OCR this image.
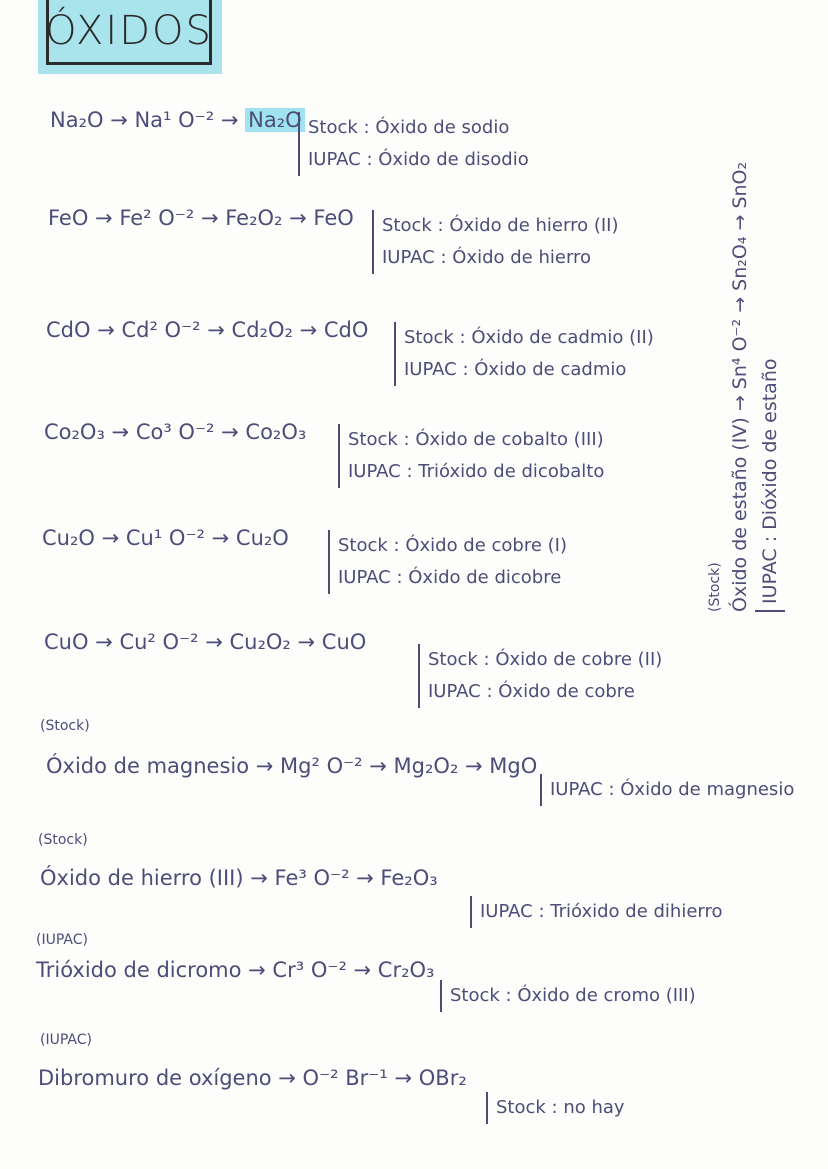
ÓXIDOS
Na₂O → Na¹ O⁻² → Na₂O Stock : Óxido de sodio
IUPAC : Óxido de disodio
FeO → Fe² O⁻² → Fe₂O₂ → FeO Stock : Óxido de hierro (II)
IUPAC : Óxido de hierro
CdO → Cd² O⁻² → Cd₂O₂ → CdO Stock : Óxido de cadmio (II)
IUPAC : Óxido de cadmio
Co₂O₃ → Co³ O⁻² → Co₂O₃ Stock : Óxido de cobalto (III)
IUPAC : Trióxido de dicobalto
Cu₂O → Cu¹ O⁻² → Cu₂O	Stock : Óxido de cobre (I)
IUPAC : Óxido de dicobre
CuO → Cu² O⁻² → Cu₂O₂ → CuO
Stock : Óxido de cobre (II)
IUPAC : Óxido de cobre
(Stock)
Óxido de magnesio → Mg² O⁻² → Mg₂O₂ → MgO
IUPAC : Óxido de magnesio
(Stock)
Óxido de hierro (III) → Fe³ O⁻² → Fe₂O₃
IUPAC : Trióxido de dihierro
(IUPAC)
Trióxido de dicromo → Cr³ O⁻² → Cr₂O₃
Stock : Óxido de cromo (III)
(IUPAC)
Dibromuro de oxígeno → O⁻² Br⁻¹ → OBr₂
Stock : no hay
(Stock) Óxido de estaño (IV) → Sn⁴ O⁻² → Sn₂O₄ → SnO₂ IUPAC : Dióxido de estaño
